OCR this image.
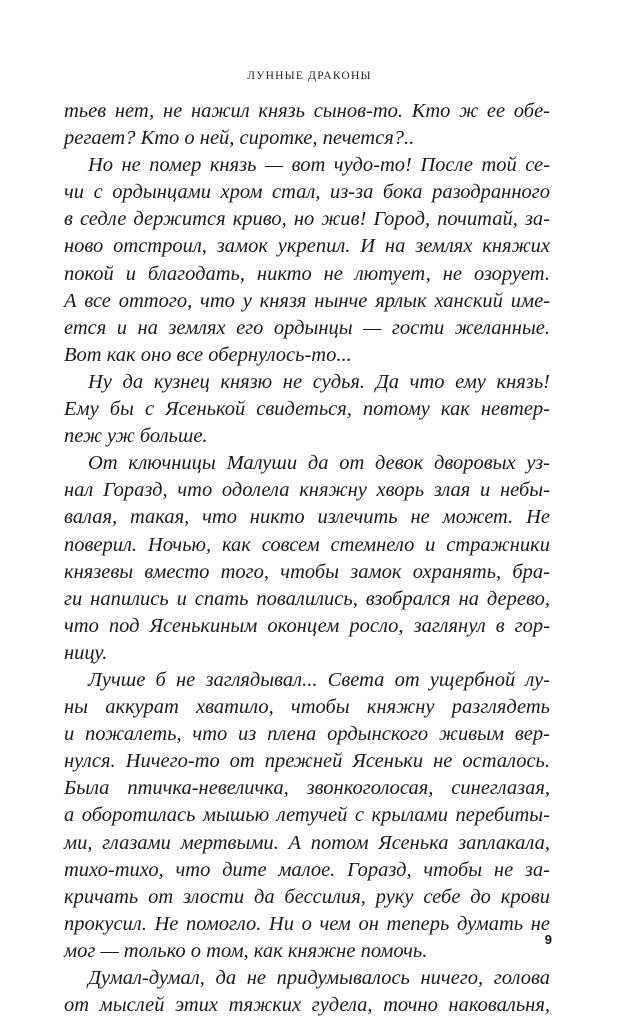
ЛУННЫЕ ДРАКОНЫ
тьев нет, не нажил князь сынов-то. Кто ж ее обе-
регает? Кто о ней, сиротке, печется?..
Но не помер князь — вот чудо-то! После той се-
чи с ордынцами хром стал, из-за бока разодранного
в седле держится криво, но жив! Город, почитай, за-
ново отстроил, замок укрепил. И на землях княжих
покой и благодать, никто не лютует, не озорует.
А все оттого, что у князя нынче ярлык ханский име-
ется и на землях его ордынцы — гости желанные.
Вот как оно все обернулось-то...
Ну да кузнец князю не судья. Да что ему князь!
Ему бы с Ясенькой свидеться, потому как невтер-
пеж уж больше.
От ключницы Малуши да от девок дворовых уз-
нал Горазд, что одолела княжну хворь злая и небы-
валая, такая, что никто излечить не может. Не
поверил. Ночью, как совсем стемнело и стражники
князевы вместо того, чтобы замок охранять, бра-
ги напились и спать повалились, взобрался на дерево,
что под Ясенькиным оконцем росло, заглянул в гор-
ницу.
Лучше б не заглядывал... Света от ущербной лу-
ны аккурат хватило, чтобы княжну разглядеть
и пожалеть, что из плена ордынского живым вер-
нулся. Ничего-то от прежней Ясеньки не осталось.
Была птичка-невеличка, звонкоголосая, синеглазая,
а оборотилась мышью летучей с крылами перебиты-
ми, глазами мертвыми. А потом Ясенька заплакала,
тихо-тихо, что дите малое. Горазд, чтобы не за-
кричать от злости да бессилия, руку себе до крови
прокусил. Не помогло. Ни о чем он теперь думать не
мог — только о том, как княжне помочь.
Думал-думал, да не придумывалось ничего, голова
от мыслей этих тяжких гудела, точно наковальня,
9
